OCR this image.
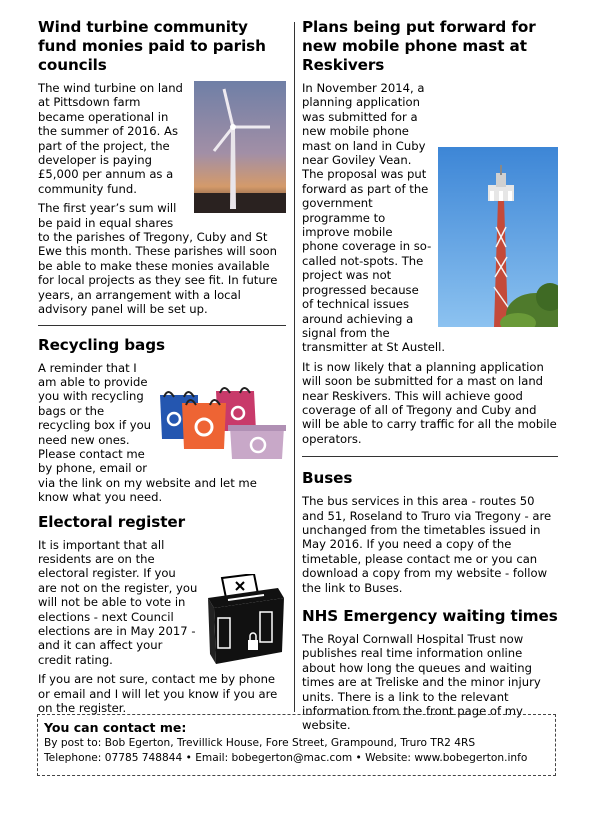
Wind turbine community fund monies paid to parish councils

The wind turbine on land at Pittsdown farm became operational in the summer of 2016. As part of the project, the developer is paying £5,000 per annum as a community fund.

The first year’s sum will be paid in equal shares to the parishes of Tregony, Cuby and St Ewe this month. These parishes will soon be able to make these monies available for local projects as they see fit. In future years, an arrangement with a local advisory panel will be set up.

Recycling bags

A reminder that I am able to provide you with recycling bags or the recycling box if you need new ones. Please contact me by phone, email or via the link on my website and let me know what you need.

Electoral register

It is important that all residents are on the electoral register. If you are not on the register, you will not be able to vote in elections - next Council elections are in May 2017 - and it can affect your credit rating.

If you are not sure, contact me by phone or email and I will let you know if you are on the register.

Plans being put forward for new mobile phone mast at Reskivers

In November 2014, a planning application was submitted for a new mobile phone mast on land in Cuby near Goviley Vean. The proposal was put forward as part of the government programme to improve mobile phone coverage in so-called not-spots. The project was not progressed because of technical issues around achieving a signal from the transmitter at St Austell.

It is now likely that a planning application will soon be submitted for a mast on land near Reskivers. This will achieve good coverage of all of Tregony and Cuby and will be able to carry traffic for all the mobile operators.

Buses

The bus services in this area - routes 50 and 51, Roseland to Truro via Tregony - are unchanged from the timetables issued in May 2016. If you need a copy of the timetable, please contact me or you can download a copy from my website - follow the link to Buses.

NHS Emergency waiting times

The Royal Cornwall Hospital Trust now publishes real time information online about how long the queues and waiting times are at Treliske and the minor injury units. There is a link to the relevant information from the front page of my website.

You can contact me:
By post to: Bob Egerton, Trevillick House, Fore Street, Grampound, Truro TR2 4RS
Telephone: 07785 748844 • Email: bobegerton@mac.com • Website: www.bobegerton.info
